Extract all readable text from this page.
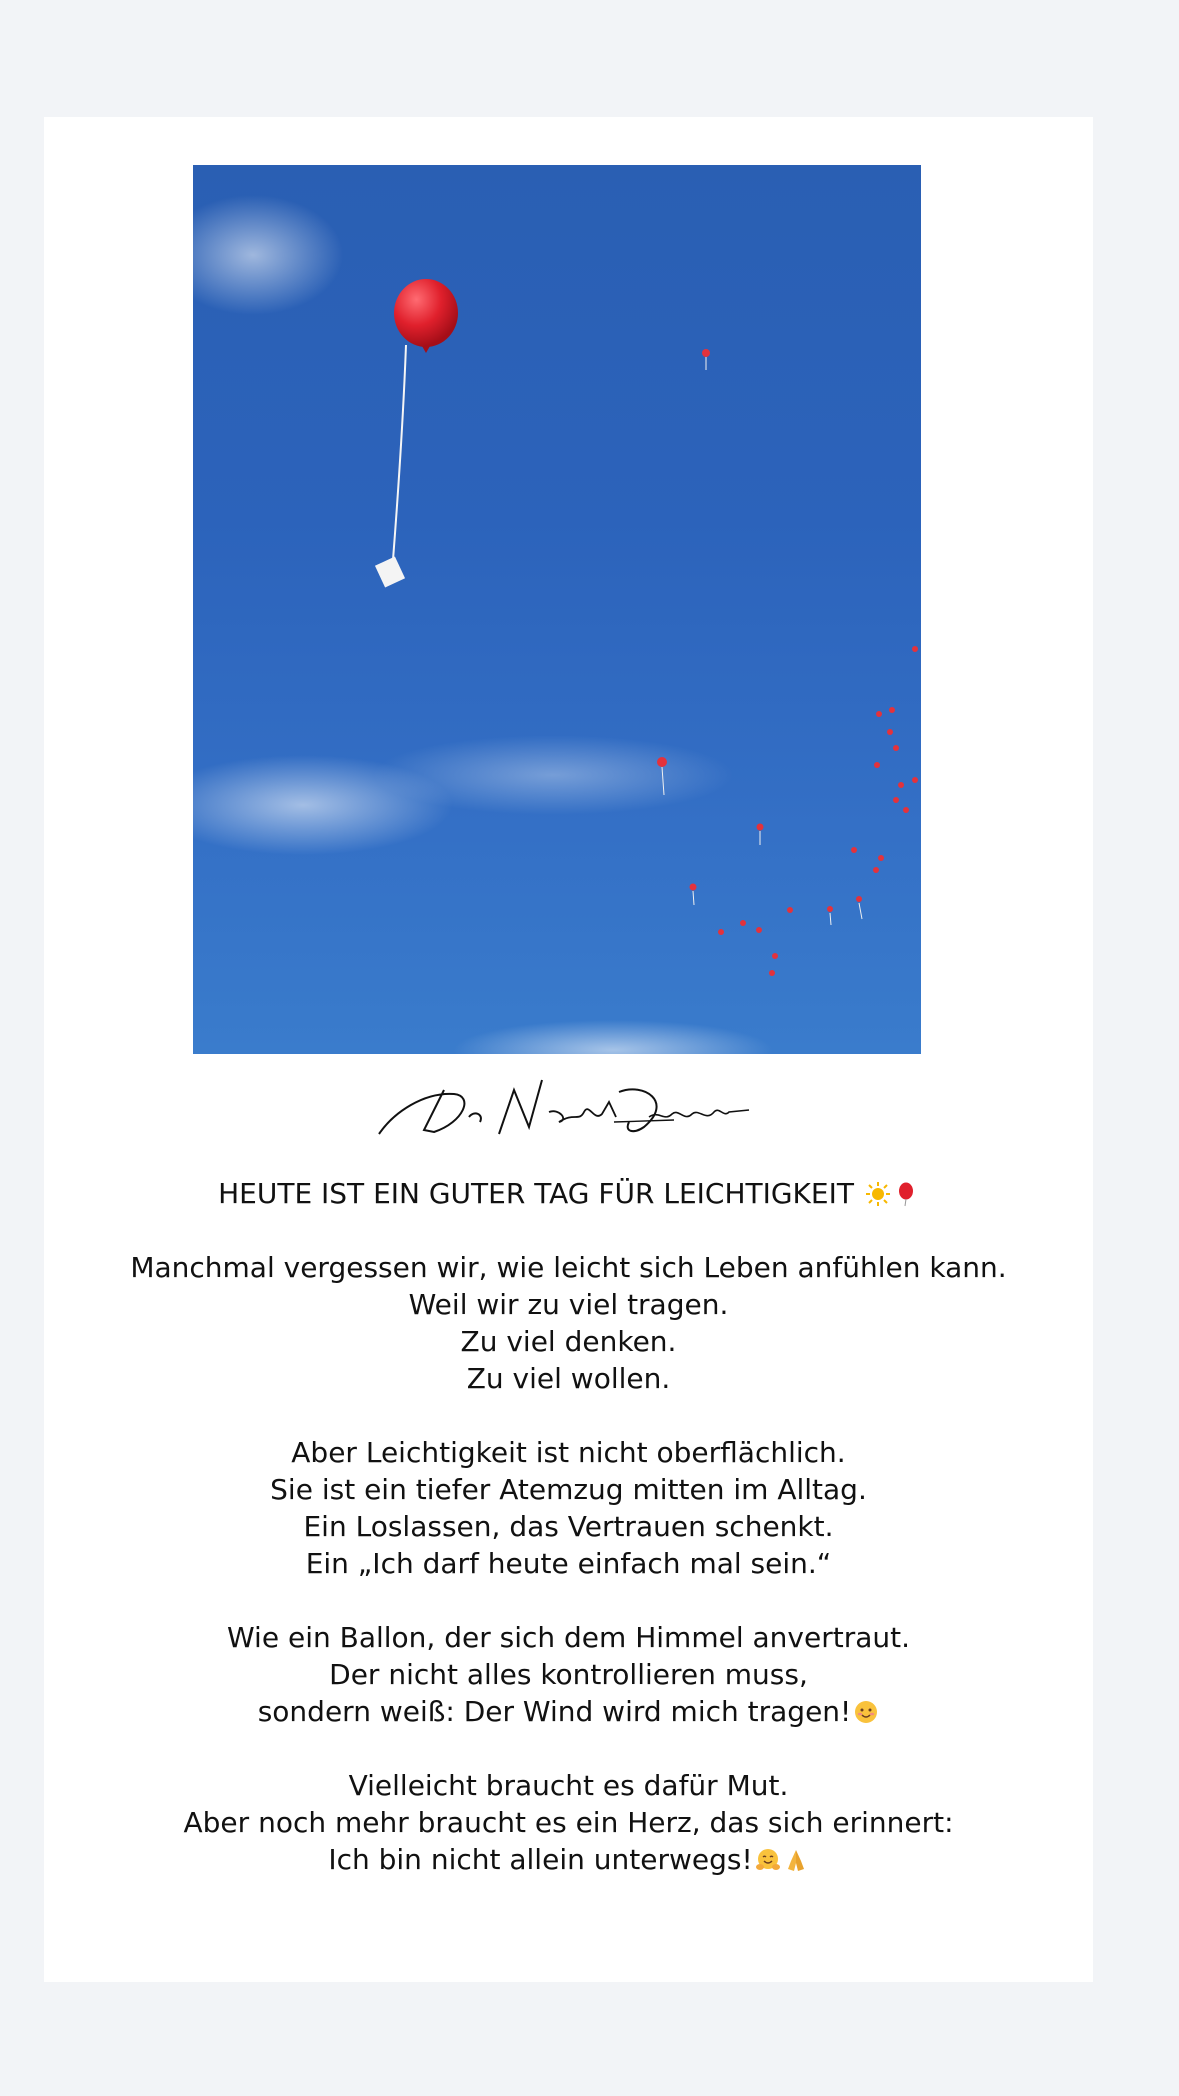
HEUTE IST EIN GUTER TAG FÜR LEICHTIGKEIT
Manchmal vergessen wir, wie leicht sich Leben anfühlen kann.
Weil wir zu viel tragen.
Zu viel denken.
Zu viel wollen.
Aber Leichtigkeit ist nicht oberflächlich.
Sie ist ein tiefer Atemzug mitten im Alltag.
Ein Loslassen, das Vertrauen schenkt.
Ein „Ich darf heute einfach mal sein.“
Wie ein Ballon, der sich dem Himmel anvertraut.
Der nicht alles kontrollieren muss,
sondern weiß: Der Wind wird mich tragen!
Vielleicht braucht es dafür Mut.
Aber noch mehr braucht es ein Herz, das sich erinnert:
Ich bin nicht allein unterwegs!
